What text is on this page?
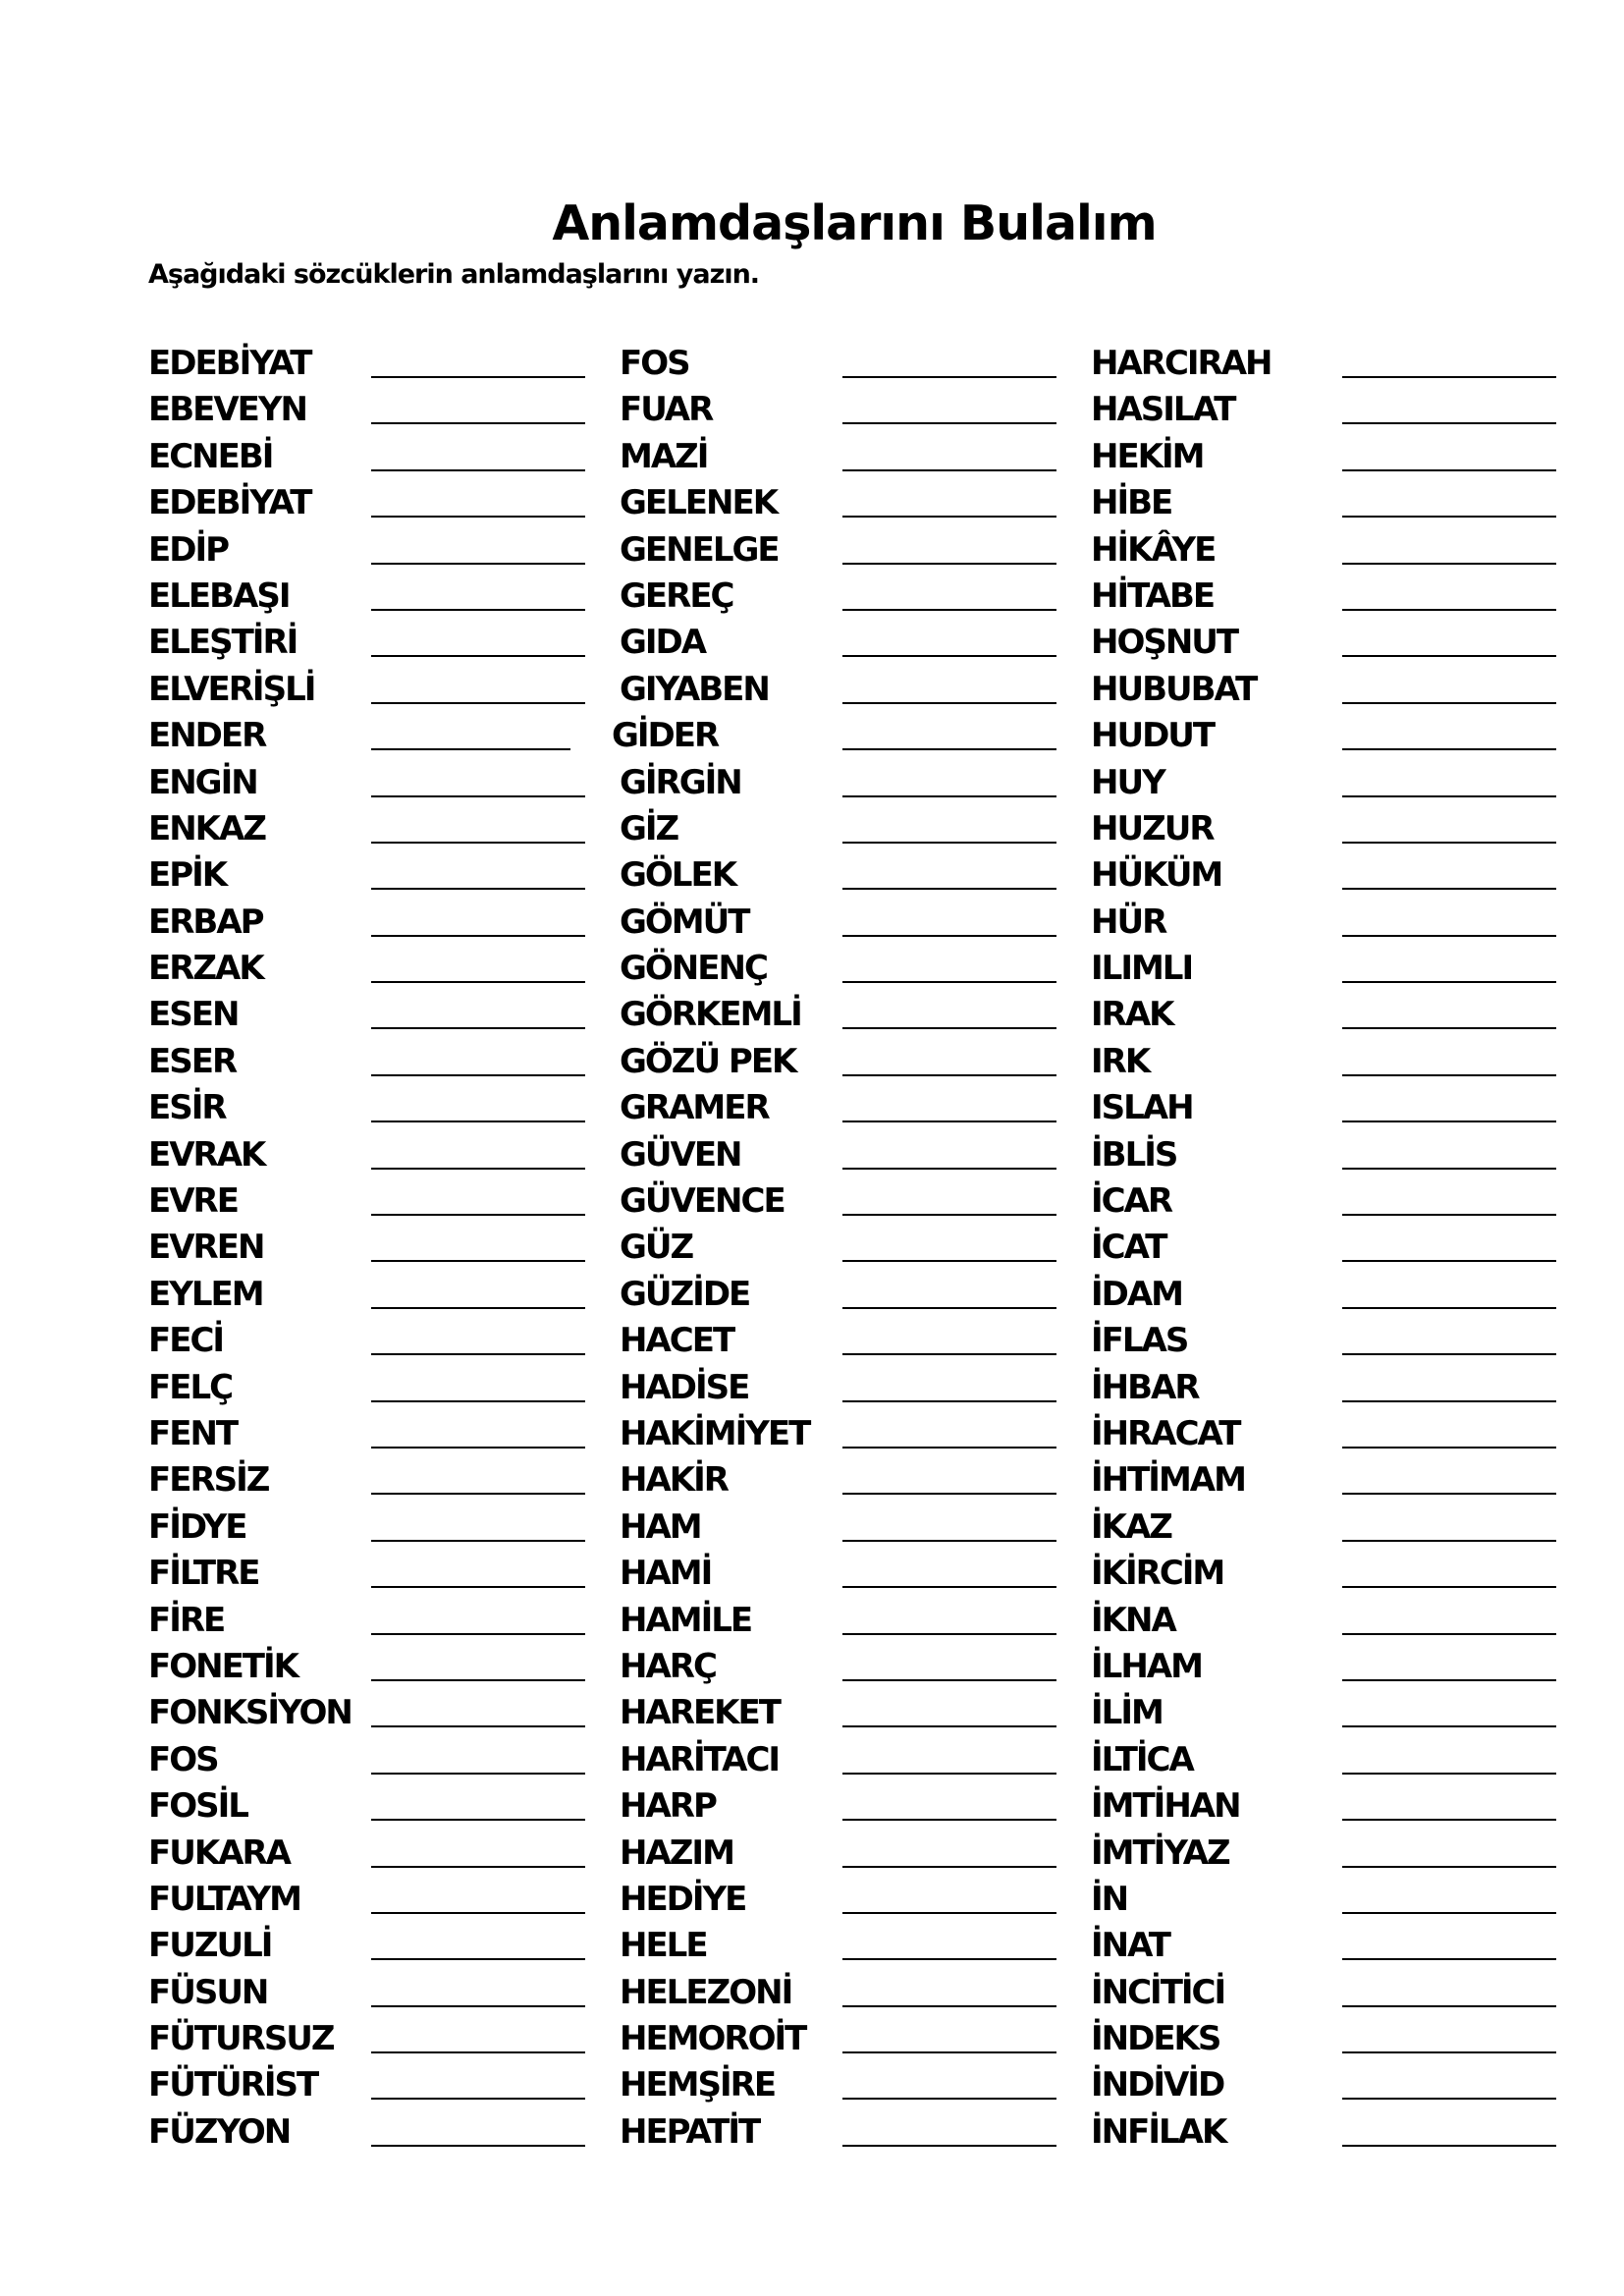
Anlamdaşlarını Bulalım
Aşağıdaki sözcüklerin anlamdaşlarını yazın.
EDEBİYAT
EBEVEYN
ECNEBİ
EDEBİYAT
EDİP
ELEBAŞI
ELEŞTİRİ
ELVERİŞLİ
ENDER
ENGİN
ENKAZ
EPİK
ERBAP
ERZAK
ESEN
ESER
ESİR
EVRAK
EVRE
EVREN
EYLEM
FECİ
FELÇ
FENT
FERSİZ
FİDYE
FİLTRE
FİRE
FONETİK
FONKSİYON
FOS
FOSİL
FUKARA
FULTAYM
FUZULİ
FÜSUN
FÜTURSUZ
FÜTÜRİST
FÜZYON
FOS
FUAR
MAZİ
GELENEK
GENELGE
GEREÇ
GIDA
GIYABEN
GİDER
GİRGİN
GİZ
GÖLEK
GÖMÜT
GÖNENÇ
GÖRKEMLİ
GÖZÜ PEK
GRAMER
GÜVEN
GÜVENCE
GÜZ
GÜZİDE
HACET
HADİSE
HAKİMİYET
HAKİR
HAM
HAMİ
HAMİLE
HARÇ
HAREKET
HARİTACI
HARP
HAZIM
HEDİYE
HELE
HELEZONİ
HEMOROİT
HEMŞİRE
HEPATİT
HARCIRAH
HASILAT
HEKİM
HİBE
HİKÂYE
HİTABE
HOŞNUT
HUBUBAT
HUDUT
HUY
HUZUR
HÜKÜM
HÜR
ILIMLI
IRAK
IRK
ISLAH
İBLİS
İCAR
İCAT
İDAM
İFLAS
İHBAR
İHRACAT
İHTİMAM
İKAZ
İKİRCİM
İKNA
İLHAM
İLİM
İLTİCA
İMTİHAN
İMTİYAZ
İN
İNAT
İNCİTİCİ
İNDEKS
İNDİVİD
İNFİLAK
